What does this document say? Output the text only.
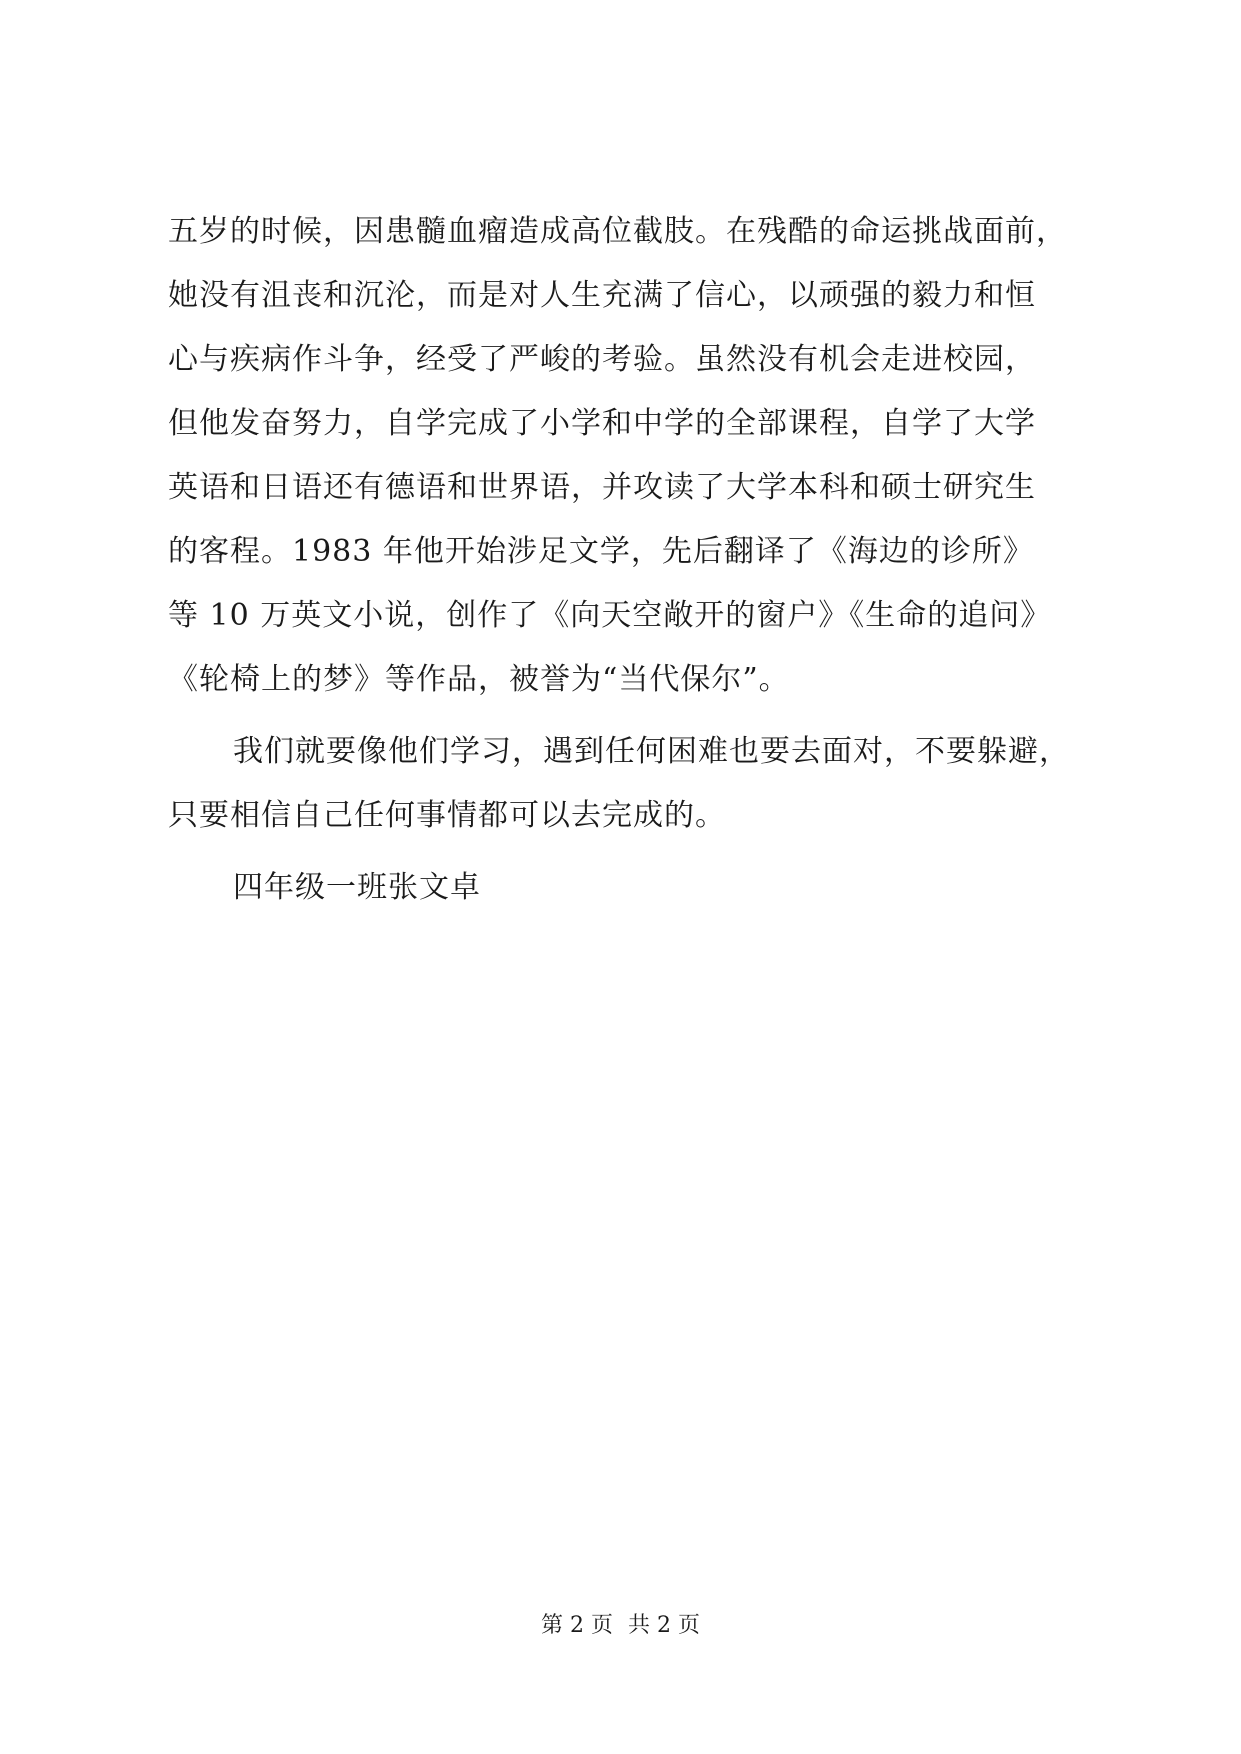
五岁的时候，因患髓血瘤造成高位截肢。在残酷的命运挑战面前，
她没有沮丧和沉沦，而是对人生充满了信心，以顽强的毅力和恒
心与疾病作斗争，经受了严峻的考验。虽然没有机会走进校园，
但他发奋努力，自学完成了小学和中学的全部课程，自学了大学
英语和日语还有德语和世界语，并攻读了大学本科和硕士研究生
的客程。1983 年他开始涉足文学，先后翻译了《海边的诊所》
等 10 万英文小说，创作了《向天空敞开的窗户》《生命的追问》
《轮椅上的梦》等作品，被誉为“当代保尔”。
我们就要像他们学习，遇到任何困难也要去面对，不要躲避，
只要相信自己任何事情都可以去完成的。
四年级一班张文卓
第 2 页 共 2 页
